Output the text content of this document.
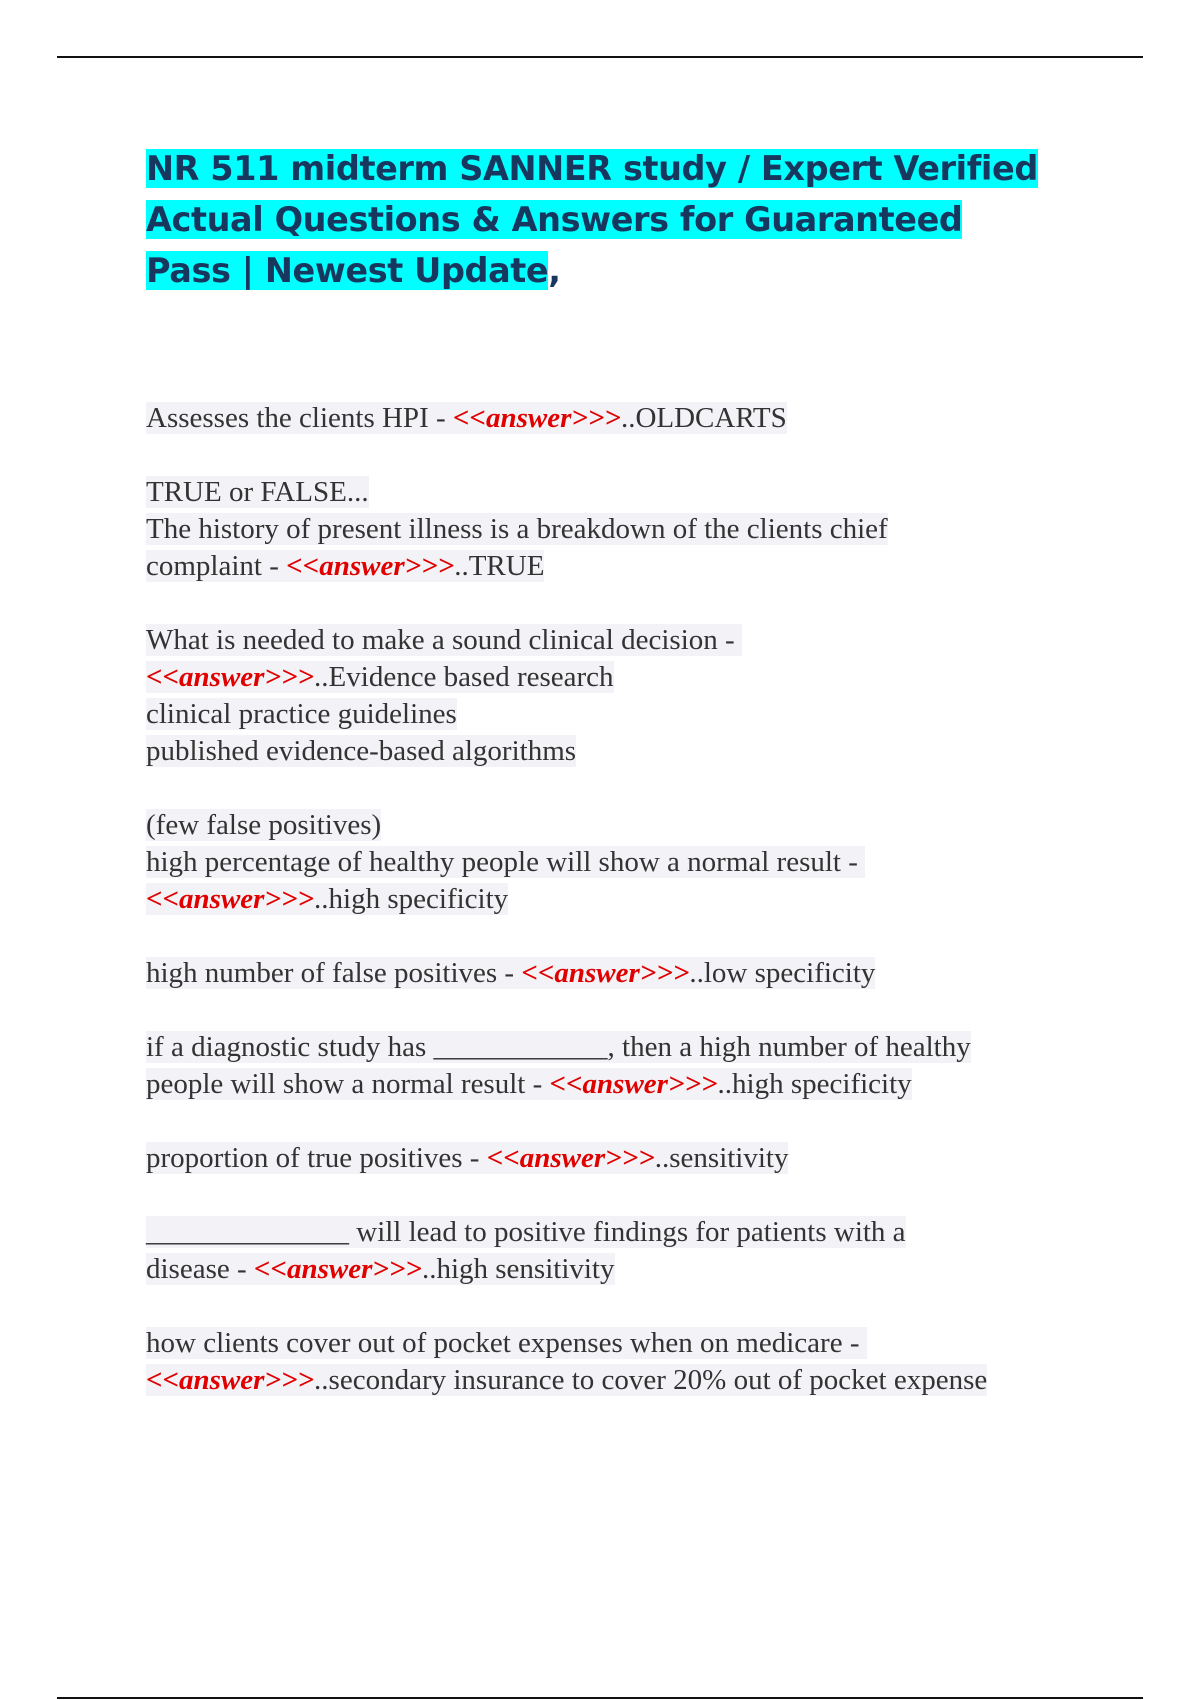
NR 511 midterm SANNER study / Expert Verified Actual Questions & Answers for Guaranteed Pass | Newest Update,
Assesses the clients HPI - <<answer>>>..OLDCARTS
TRUE or FALSE...
The history of present illness is a breakdown of the clients chief
complaint - <<answer>>>..TRUE
What is needed to make a sound clinical decision -
<<answer>>>..Evidence based research
clinical practice guidelines
published evidence-based algorithms
(few false positives)
high percentage of healthy people will show a normal result -
<<answer>>>..high specificity
high number of false positives - <<answer>>>..low specificity
if a diagnostic study has ____________, then a high number of healthy
people will show a normal result - <<answer>>>..high specificity
proportion of true positives - <<answer>>>..sensitivity
______________ will lead to positive findings for patients with a
disease - <<answer>>>..high sensitivity
how clients cover out of pocket expenses when on medicare -
<<answer>>>..secondary insurance to cover 20% out of pocket expense
